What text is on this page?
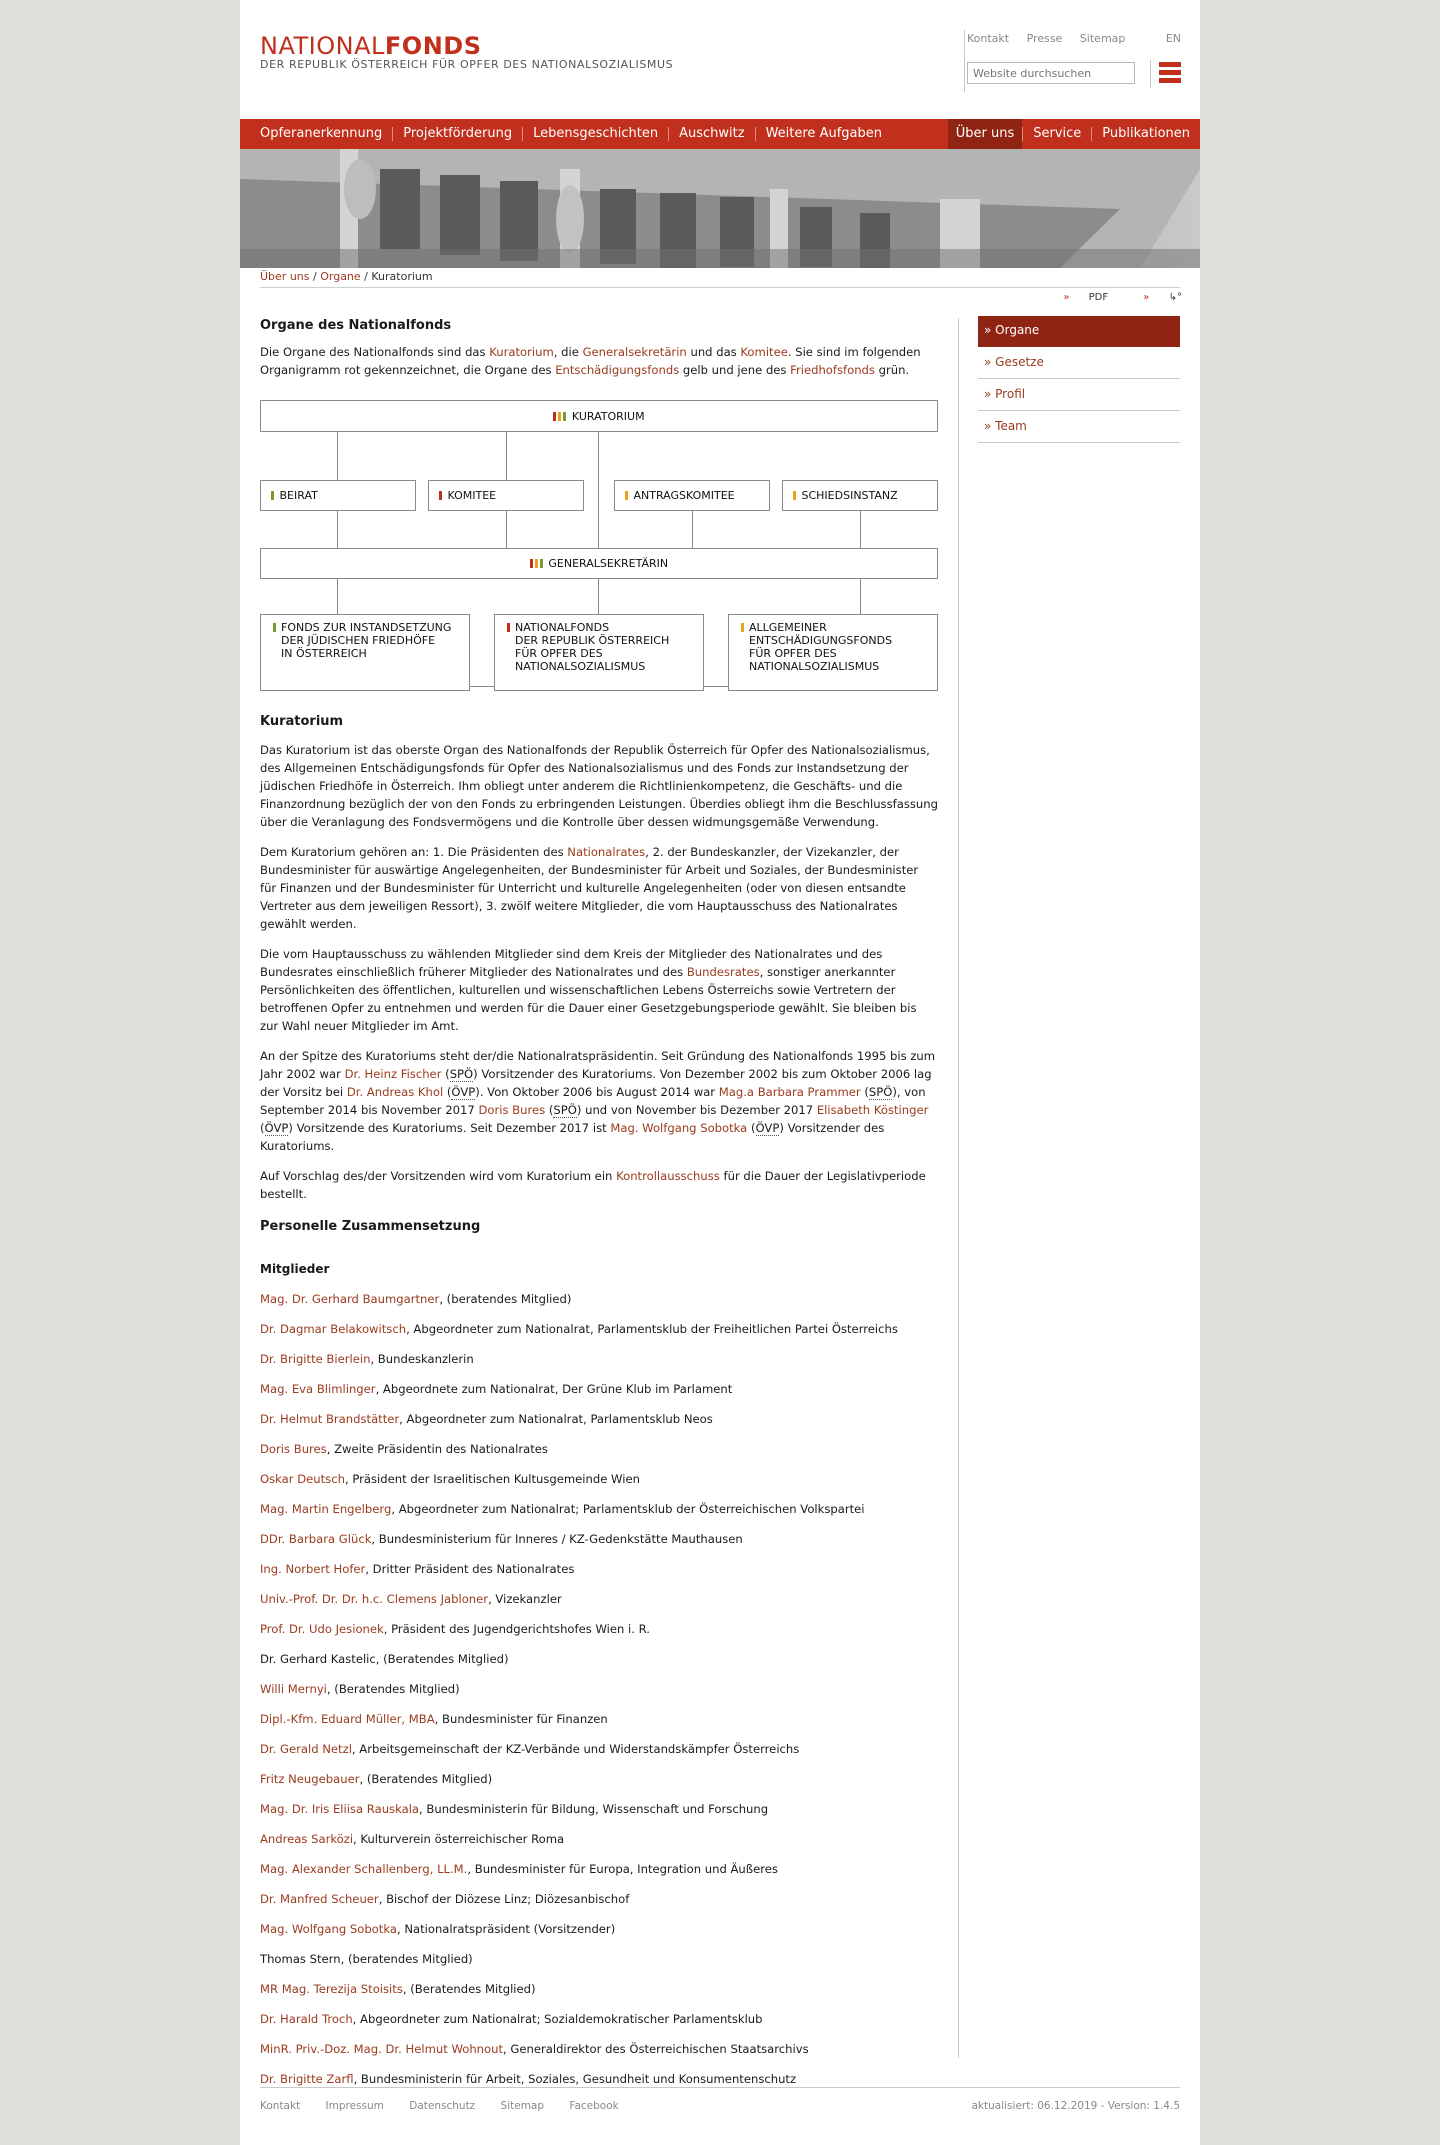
NATIONALFONDS
DER REPUBLIK ÖSTERREICH FÜR OPFER DES NATIONALSOZIALISMUS
Kontakt Presse Sitemap	EN
Website durchsuchen
Opferanerkennung	Projektförderung	Lebensgeschichten	Auschwitz	Weitere Aufgaben	Über uns	Service	Publikationen
Über uns / Organe / Kuratorium
» PDF	» ↳°
» Organe
» Gesetze
» Profil
» Team
Organe des Nationalfonds

Die Organe des Nationalfonds sind das Kuratorium, die Generalsekretärin und das Komitee. Sie sind im folgenden Organigramm rot gekennzeichnet, die Organe des Entschädigungsfonds gelb und jene des Friedhofsfonds grün.

KURATORIUM

BEIRAT
	KOMITEE
	ANTRAGSKOMITEE
	SCHIEDSINSTANZ

GENERALSEKRETÄRIN
FONDS ZUR INSTANDSETZUNG
DER JÜDISCHEN FRIEDHÖFE
IN ÖSTERREICH
NATIONALFONDS
DER REPUBLIK ÖSTERREICH
FÜR OPFER DES
NATIONALSOZIALISMUS
ALLGEMEINER
ENTSCHÄDIGUNGSFONDS
FÜR OPFER DES
NATIONALSOZIALISMUS
Kuratorium

Das Kuratorium ist das oberste Organ des Nationalfonds der Republik Österreich für Opfer des Nationalsozialismus, des Allgemeinen Entschädigungsfonds für Opfer des Nationalsozialismus und des Fonds zur Instandsetzung der jüdischen Friedhöfe in Österreich. Ihm obliegt unter anderem die Richtlinienkompetenz, die Geschäfts- und die Finanzordnung bezüglich der von den Fonds zu erbringenden Leistungen. Überdies obliegt ihm die Beschlussfassung über die Veranlagung des Fondsvermögens und die Kontrolle über dessen widmungsgemäße Verwendung.

Dem Kuratorium gehören an: 1. Die Präsidenten des Nationalrates, 2. der Bundeskanzler, der Vizekanzler, der Bundesminister für auswärtige Angelegenheiten, der Bundesminister für Arbeit und Soziales, der Bundesminister für Finanzen und der Bundesminister für Unterricht und kulturelle Angelegenheiten (oder von diesen entsandte Vertreter aus dem jeweiligen Ressort), 3. zwölf weitere Mitglieder, die vom Hauptausschuss des Nationalrates gewählt werden.

Die vom Hauptausschuss zu wählenden Mitglieder sind dem Kreis der Mitglieder des Nationalrates und des Bundesrates einschließlich früherer Mitglieder des Nationalrates und des Bundesrates, sonstiger anerkannter Persönlichkeiten des öffentlichen, kulturellen und wissenschaftlichen Lebens Österreichs sowie Vertretern der betroffenen Opfer zu entnehmen und werden für die Dauer einer Gesetzgebungsperiode gewählt. Sie bleiben bis zur Wahl neuer Mitglieder im Amt.

An der Spitze des Kuratoriums steht der/die Nationalratspräsidentin. Seit Gründung des Nationalfonds 1995 bis zum Jahr 2002 war Dr. Heinz Fischer (SPÖ) Vorsitzender des Kuratoriums. Von Dezember 2002 bis zum Oktober 2006 lag der Vorsitz bei Dr. Andreas Khol (ÖVP). Von Oktober 2006 bis August 2014 war Mag.a Barbara Prammer (SPÖ), von September 2014 bis November 2017 Doris Bures (SPÖ) und von November bis Dezember 2017 Elisabeth Köstinger (ÖVP) Vorsitzende des Kuratoriums. Seit Dezember 2017 ist Mag. Wolfgang Sobotka (ÖVP) Vorsitzender des Kuratoriums.

Auf Vorschlag des/der Vorsitzenden wird vom Kuratorium ein Kontrollausschuss für die Dauer der Legislativperiode bestellt.

Personelle Zusammensetzung
Mitglieder

Mag. Dr. Gerhard Baumgartner, (beratendes Mitglied)

Dr. Dagmar Belakowitsch, Abgeordneter zum Nationalrat, Parlamentsklub der Freiheitlichen Partei Österreichs

Dr. Brigitte Bierlein, Bundeskanzlerin

Mag. Eva Blimlinger, Abgeordnete zum Nationalrat, Der Grüne Klub im Parlament

Dr. Helmut Brandstätter, Abgeordneter zum Nationalrat, Parlamentsklub Neos

Doris Bures, Zweite Präsidentin des Nationalrates

Oskar Deutsch, Präsident der Israelitischen Kultusgemeinde Wien

Mag. Martin Engelberg, Abgeordneter zum Nationalrat; Parlamentsklub der Österreichischen Volkspartei

DDr. Barbara Glück, Bundesministerium für Inneres / KZ-Gedenkstätte Mauthausen

Ing. Norbert Hofer, Dritter Präsident des Nationalrates

Univ.-Prof. Dr. Dr. h.c. Clemens Jabloner, Vizekanzler

Prof. Dr. Udo Jesionek, Präsident des Jugendgerichtshofes Wien i. R.

Dr. Gerhard Kastelic, (Beratendes Mitglied)

Willi Mernyi, (Beratendes Mitglied)

Dipl.-Kfm. Eduard Müller, MBA, Bundesminister für Finanzen

Dr. Gerald Netzl, Arbeitsgemeinschaft der KZ-Verbände und Widerstandskämpfer Österreichs

Fritz Neugebauer, (Beratendes Mitglied)

Mag. Dr. Iris Eliisa Rauskala, Bundesministerin für Bildung, Wissenschaft und Forschung

Andreas Sarközi, Kulturverein österreichischer Roma

Mag. Alexander Schallenberg, LL.M., Bundesminister für Europa, Integration und Äußeres

Dr. Manfred Scheuer, Bischof der Diözese Linz; Diözesanbischof

Mag. Wolfgang Sobotka, Nationalratspräsident (Vorsitzender)

Thomas Stern, (beratendes Mitglied)

MR Mag. Terezija Stoisits, (Beratendes Mitglied)

Dr. Harald Troch, Abgeordneter zum Nationalrat; Sozialdemokratischer Parlamentsklub

MinR. Priv.-Doz. Mag. Dr. Helmut Wohnout, Generaldirektor des Österreichischen Staatsarchivs

Dr. Brigitte Zarfl, Bundesministerin für Arbeit, Soziales, Gesundheit und Konsumentenschutz

Kontakt Impressum Datenschutz Sitemap Facebook	aktualisiert: 06.12.2019 - Version: 1.4.5
